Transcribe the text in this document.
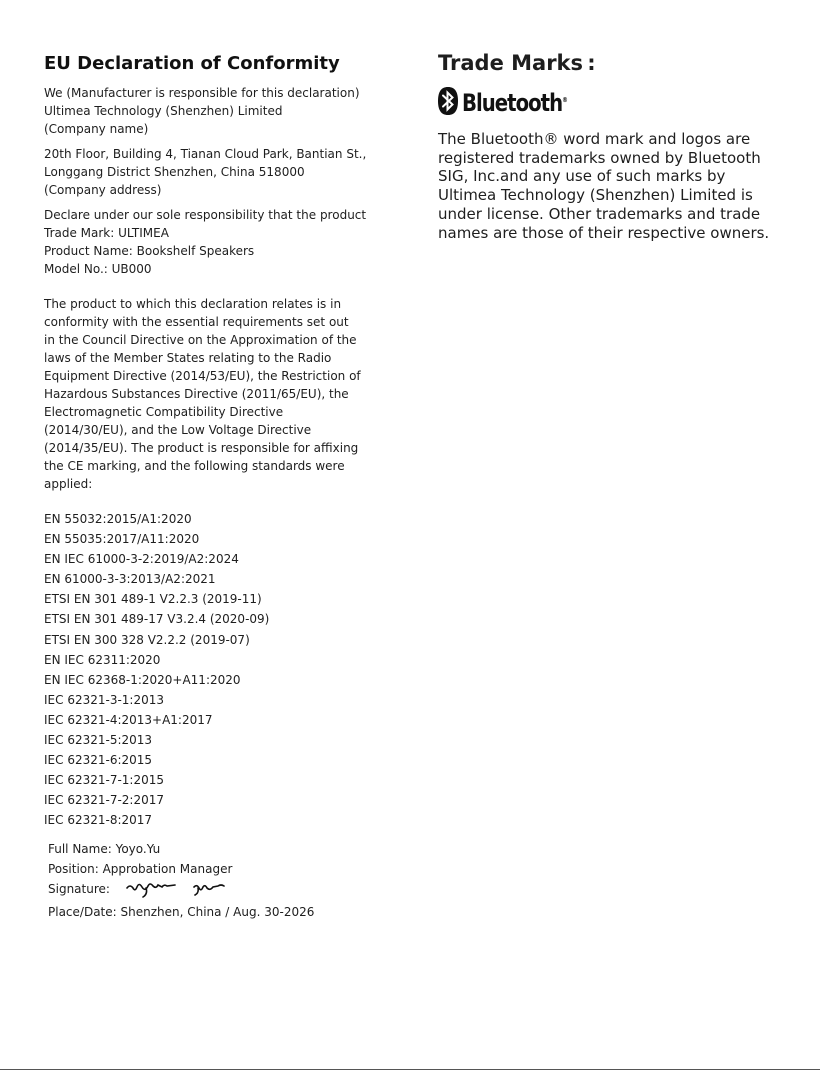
EU Declaration of Conformity

We (Manufacturer is responsible for this declaration)
Ultimea Technology (Shenzhen) Limited
(Company name)

20th Floor, Building 4, Tianan Cloud Park, Bantian St.,
Longgang District Shenzhen, China 518000
(Company address)

Declare under our sole responsibility that the product
Trade Mark: ULTIMEA
Product Name: Bookshelf Speakers
Model No.: UB000

The product to which this declaration relates is in
conformity with the essential requirements set out
in the Council Directive on the Approximation of the
laws of the Member States relating to the Radio
Equipment Directive (2014/53/EU), the Restriction of
Hazardous Substances Directive (2011/65/EU), the
Electromagnetic Compatibility Directive
(2014/30/EU), and the Low Voltage Directive
(2014/35/EU). The product is responsible for affixing
the CE marking, and the following standards were
applied:

EN 55032:2015/A1:2020
EN 55035:2017/A11:2020
EN IEC 61000-3-2:2019/A2:2024
EN 61000-3-3:2013/A2:2021
ETSI EN 301 489-1 V2.2.3 (2019-11)
ETSI EN 301 489-17 V3.2.4 (2020-09)
ETSI EN 300 328 V2.2.2 (2019-07)
EN IEC 62311:2020
EN IEC 62368-1:2020+A11:2020
IEC 62321-3-1:2013
IEC 62321-4:2013+A1:2017
IEC 62321-5:2013
IEC 62321-6:2015
IEC 62321-7-1:2015
IEC 62321-7-2:2017
IEC 62321-8:2017
Full Name: Yoyo.Yu
Position: Approbation Manager
Signature:
Place/Date: Shenzhen, China / Aug. 30-2026
Trade Marks :
Bluetooth®
The Bluetooth® word mark and logos are
registered trademarks owned by Bluetooth
SIG, Inc.and any use of such marks by
Ultimea Technology (Shenzhen) Limited is
under license. Other trademarks and trade
names are those of their respective owners.
